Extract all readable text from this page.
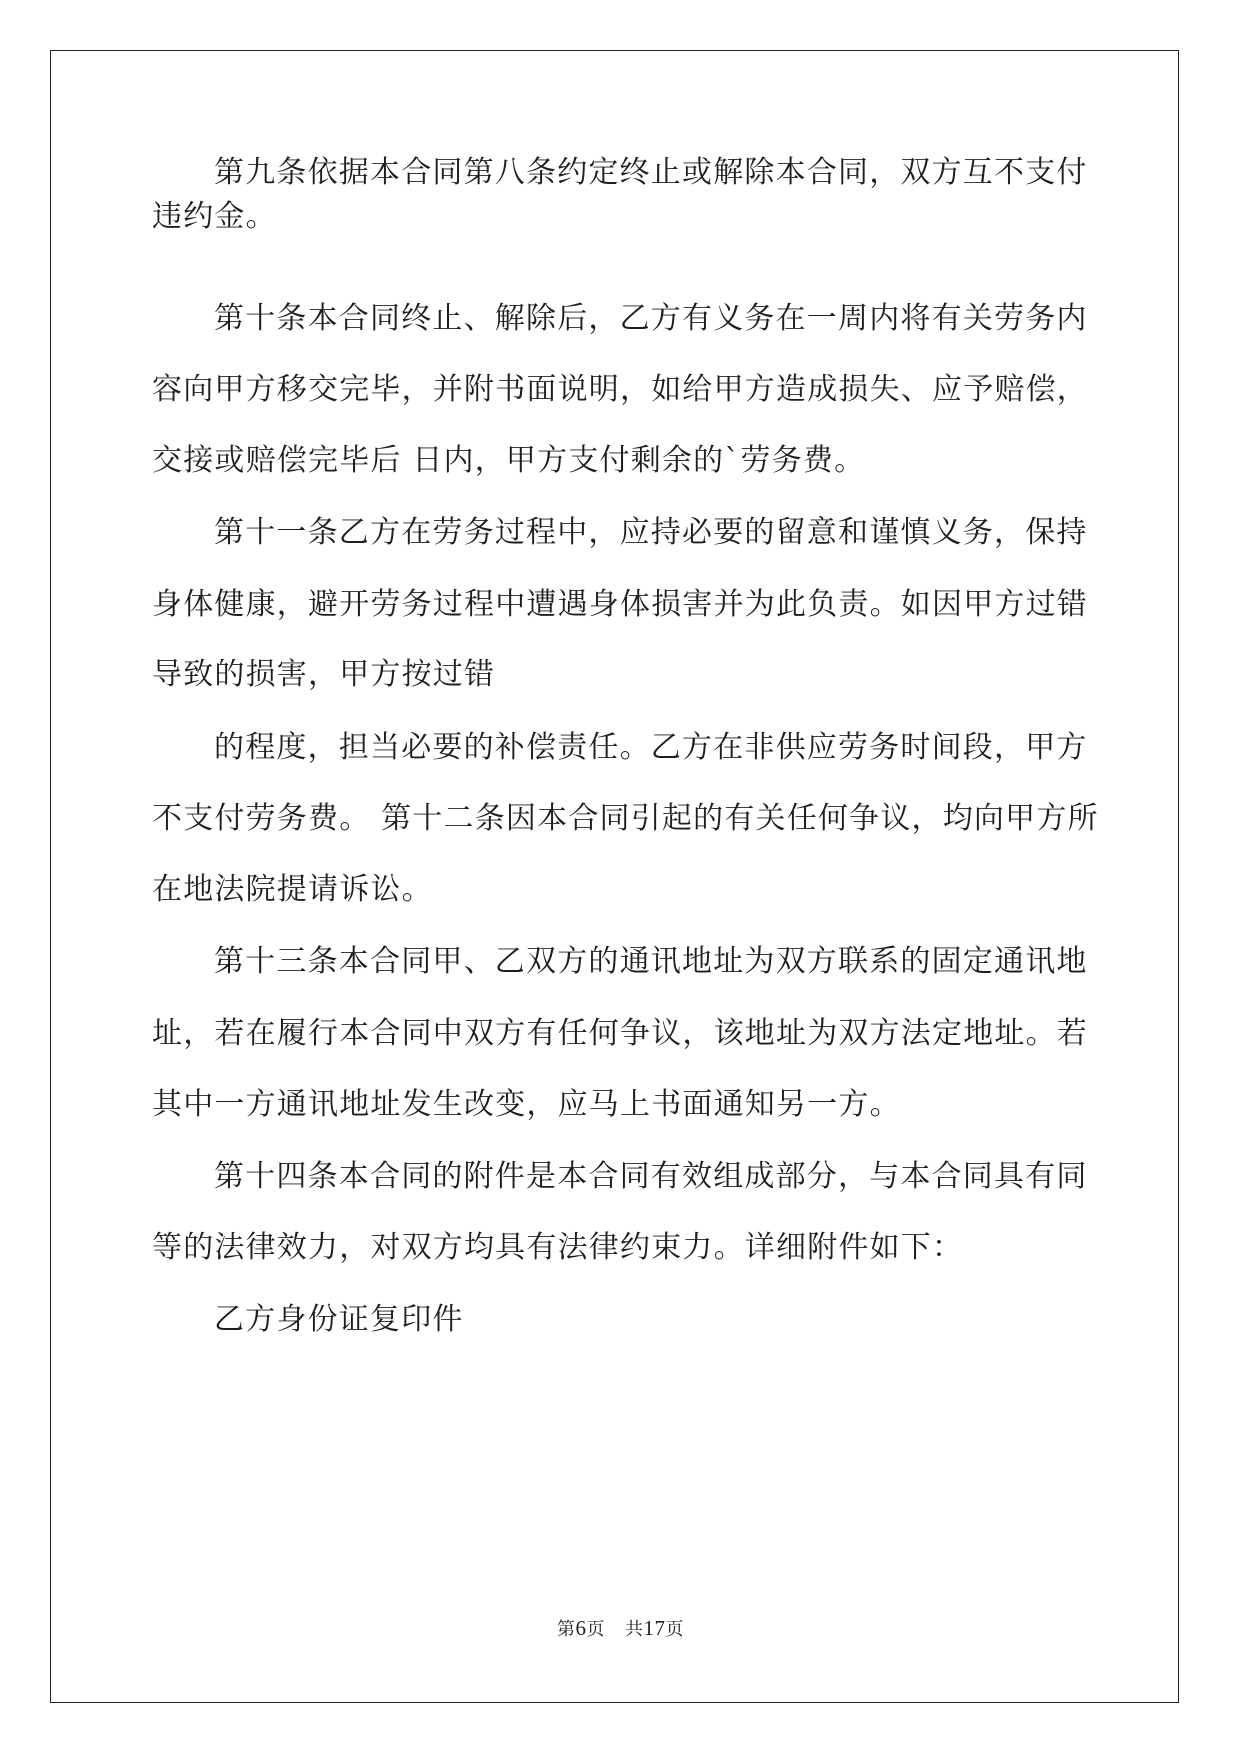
第九条依据本合同第八条约定终止或解除本合同，双方互不支付
违约金。
第十条本合同终止、解除后，乙方有义务在一周内将有关劳务内
容向甲方移交完毕，并附书面说明，如给甲方造成损失、应予赔偿，
交接或赔偿完毕后 日内，甲方支付剩余的`劳务费。
第十一条乙方在劳务过程中，应持必要的留意和谨慎义务，保持
身体健康，避开劳务过程中遭遇身体损害并为此负责。如因甲方过错
导致的损害，甲方按过错
的程度，担当必要的补偿责任。乙方在非供应劳务时间段，甲方
不支付劳务费。 第十二条因本合同引起的有关任何争议，均向甲方所
在地法院提请诉讼。
第十三条本合同甲、乙双方的通讯地址为双方联系的固定通讯地
址，若在履行本合同中双方有任何争议，该地址为双方法定地址。若
其中一方通讯地址发生改变，应马上书面通知另一方。
第十四条本合同的附件是本合同有效组成部分，与本合同具有同
等的法律效力，对双方均具有法律约束力。详细附件如下：
乙方身份证复印件
第6页 共17页
